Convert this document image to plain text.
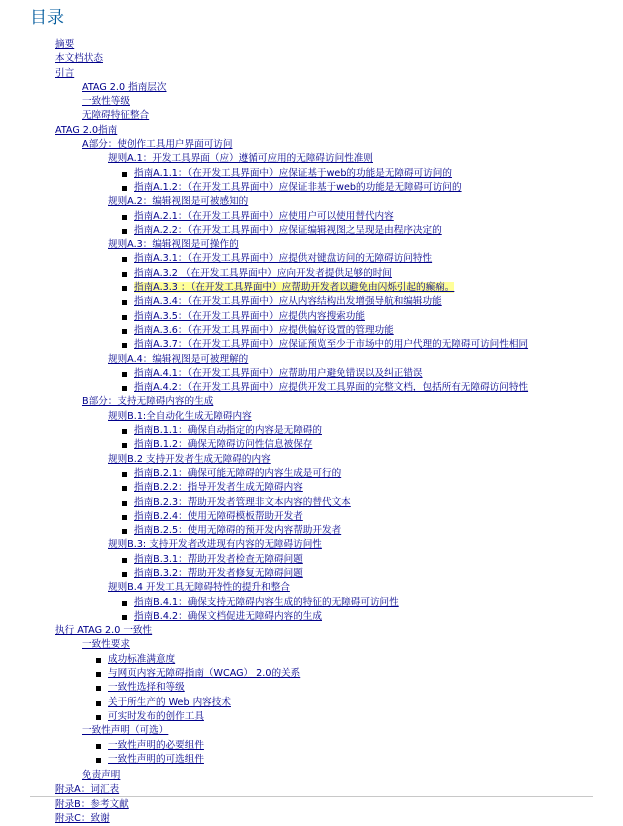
目录
摘要
本文档状态
引言
ATAG 2.0 指南层次
一致性等级
无障碍特征整合
ATAG 2.0指南
A部分：使创作工具用户界面可访问
规则A.1：开发工具界面（应）遵循可应用的无障碍访问性准则
指南A.1.1：（在开发工具界面中）应保证基于web的功能是无障碍可访问的
指南A.1.2：（在开发工具界面中）应保证非基于web的功能是无障碍可访问的
规则A.2：编辑视图是可被感知的
指南A.2.1：（在开发工具界面中）应使用户可以使用替代内容
指南A.2.2：（在开发工具界面中）应保证编辑视图之呈现是由程序决定的
规则A.3：编辑视图是可操作的
指南A.3.1：（在开发工具界面中）应提供对键盘访问的无障碍访问特性
指南A.3.2 （在开发工具界面中）应向开发者提供足够的时间
指南A.3.3 ：（在开发工具界面中）应帮助开发者以避免由闪烁引起的癫痫。
指南A.3.4：（在开发工具界面中）应从内容结构出发增强导航和编辑功能
指南A.3.5：（在开发工具界面中）应提供内容搜索功能
指南A.3.6：（在开发工具界面中）应提供偏好设置的管理功能
指南A.3.7：（在开发工具界面中）应保证预览至少于市场中的用户代理的无障碍可访问性相同
规则A.4：编辑视图是可被理解的
指南A.4.1：（在开发工具界面中）应帮助用户避免错误以及纠正错误
指南A.4.2：（在开发工具界面中）应提供开发工具界面的完整文档，包括所有无障碍访问特性
B部分：支持无障碍内容的生成
规则B.1:全自动化生成无障碍内容
指南B.1.1：确保自动指定的内容是无障碍的
指南B.1.2：确保无障碍访问性信息被保存
规则B.2 支持开发者生成无障碍的内容
指南B.2.1：确保可能无障碍的内容生成是可行的
指南B.2.2：指导开发者生成无障碍内容
指南B.2.3：帮助开发者管理非文本内容的替代文本
指南B.2.4：使用无障碍模板帮助开发者
指南B.2.5：使用无障碍的预开发内容帮助开发者
规则B.3: 支持开发者改进现有内容的无障碍访问性
指南B.3.1：帮助开发者检查无障碍问题
指南B.3.2：帮助开发者修复无障碍问题
规则B.4 开发工具无障碍特性的提升和整合
指南B.4.1：确保支持无障碍内容生成的特征的无障碍可访问性
指南B.4.2：确保文档促进无障碍内容的生成
执行 ATAG 2.0 一致性
一致性要求
成功标准满意度
与网页内容无障碍指南（WCAG） 2.0的关系
一致性选择和等级
关于所生产的 Web 内容技术
可实时发布的创作工具
一致性声明（可选）
一致性声明的必要组件
一致性声明的可选组件
免责声明
附录A：词汇表
附录B：参考文献
附录C：致谢
